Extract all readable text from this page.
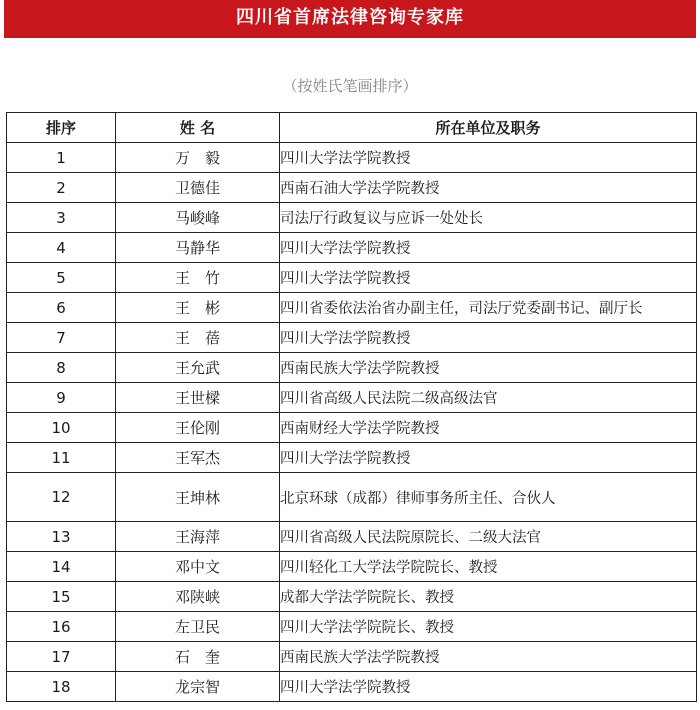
四川省首席法律咨询专家库
（按姓氏笔画排序）
排序	姓 名	所在单位及职务
1	万　毅	四川大学法学院教授
2	卫德佳	西南石油大学法学院教授
3	马峻峰	司法厅行政复议与应诉一处处长
4	马静华	四川大学法学院教授
5	王　竹	四川大学法学院教授
6	王　彬	四川省委依法治省办副主任，司法厅党委副书记、副厅长
7	王　蓓	四川大学法学院教授
8	王允武	西南民族大学法学院教授
9	王世樑	四川省高级人民法院二级高级法官
10	王伦刚	西南财经大学法学院教授
11	王军杰	四川大学法学院教授
12	王坤林	北京环球（成都）律师事务所主任、合伙人
13	王海萍	四川省高级人民法院原院长、二级大法官
14	邓中文	四川轻化工大学法学院院长、教授
15	邓陕峡	成都大学法学院院长、教授
16	左卫民	四川大学法学院院长、教授
17	石　奎	西南民族大学法学院教授
18	龙宗智	四川大学法学院教授
